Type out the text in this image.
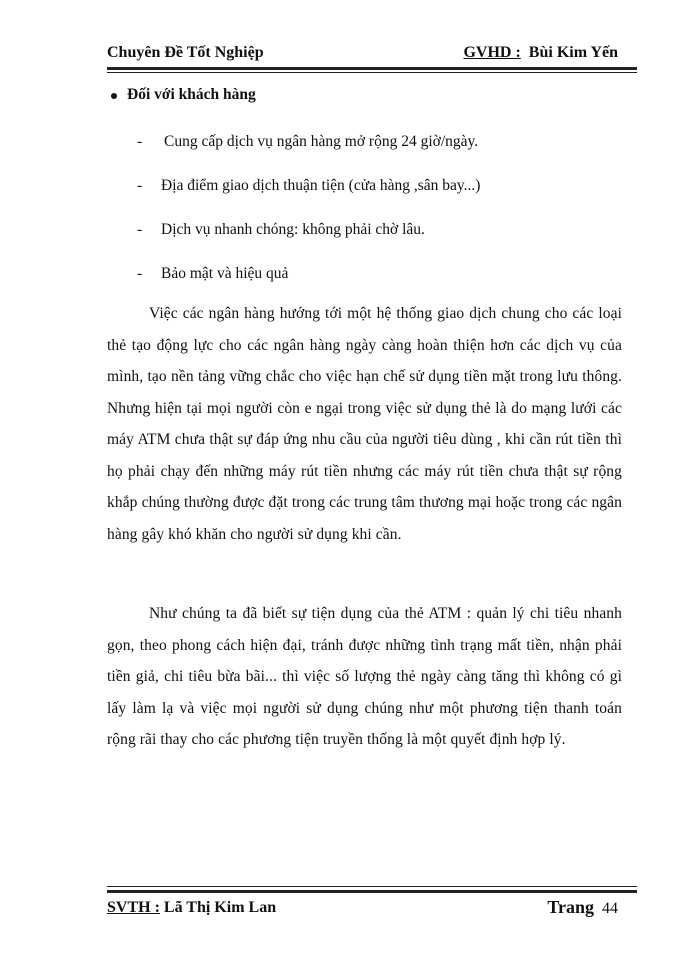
Chuyên Đề Tốt Nghiệp	GVHD : Bùi Kim Yến
Đối với khách hàng
- Cung cấp dịch vụ ngân hàng mở rộng 24 giờ/ngày.
- Địa điểm giao dịch thuận tiện (cửa hàng ,sân bay...)
- Dịch vụ nhanh chóng: không phải chờ lâu.
- Bảo mật và hiệu quả

Việc các ngân hàng hướng tới một hệ thống giao dịch chung cho các loại thẻ tạo động lực cho các ngân hàng ngày càng hoàn thiện hơn các dịch vụ của mình, tạo nền tảng vững chắc cho việc hạn chế sử dụng tiền mặt trong lưu thông. Nhưng hiện tại mọi người còn e ngại trong việc sử dụng thẻ là do mạng lưới các máy ATM chưa thật sự đáp ứng nhu cầu của người tiêu dùng , khi cần rút tiền thì họ phải chạy đến những máy rút tiền nhưng các máy rút tiền chưa thật sự rộng khắp chúng thường được đặt trong các trung tâm thương mại hoặc trong các ngân hàng gây khó khăn cho người sử dụng khi cần.

Như chúng ta đã biết sự tiện dụng của thẻ ATM : quản lý chi tiêu nhanh gọn, theo phong cách hiện đại, tránh được những tình trạng mất tiền, nhận phải tiền giả, chi tiêu bừa bãi... thì việc số lượng thẻ ngày càng tăng thì không có gì lấy làm lạ và việc mọi người sử dụng chúng như một phương tiện thanh toán rộng rãi thay cho các phương tiện truyền thống là một quyết định hợp lý.

SVTH : Lã Thị Kim Lan	Trang 44
